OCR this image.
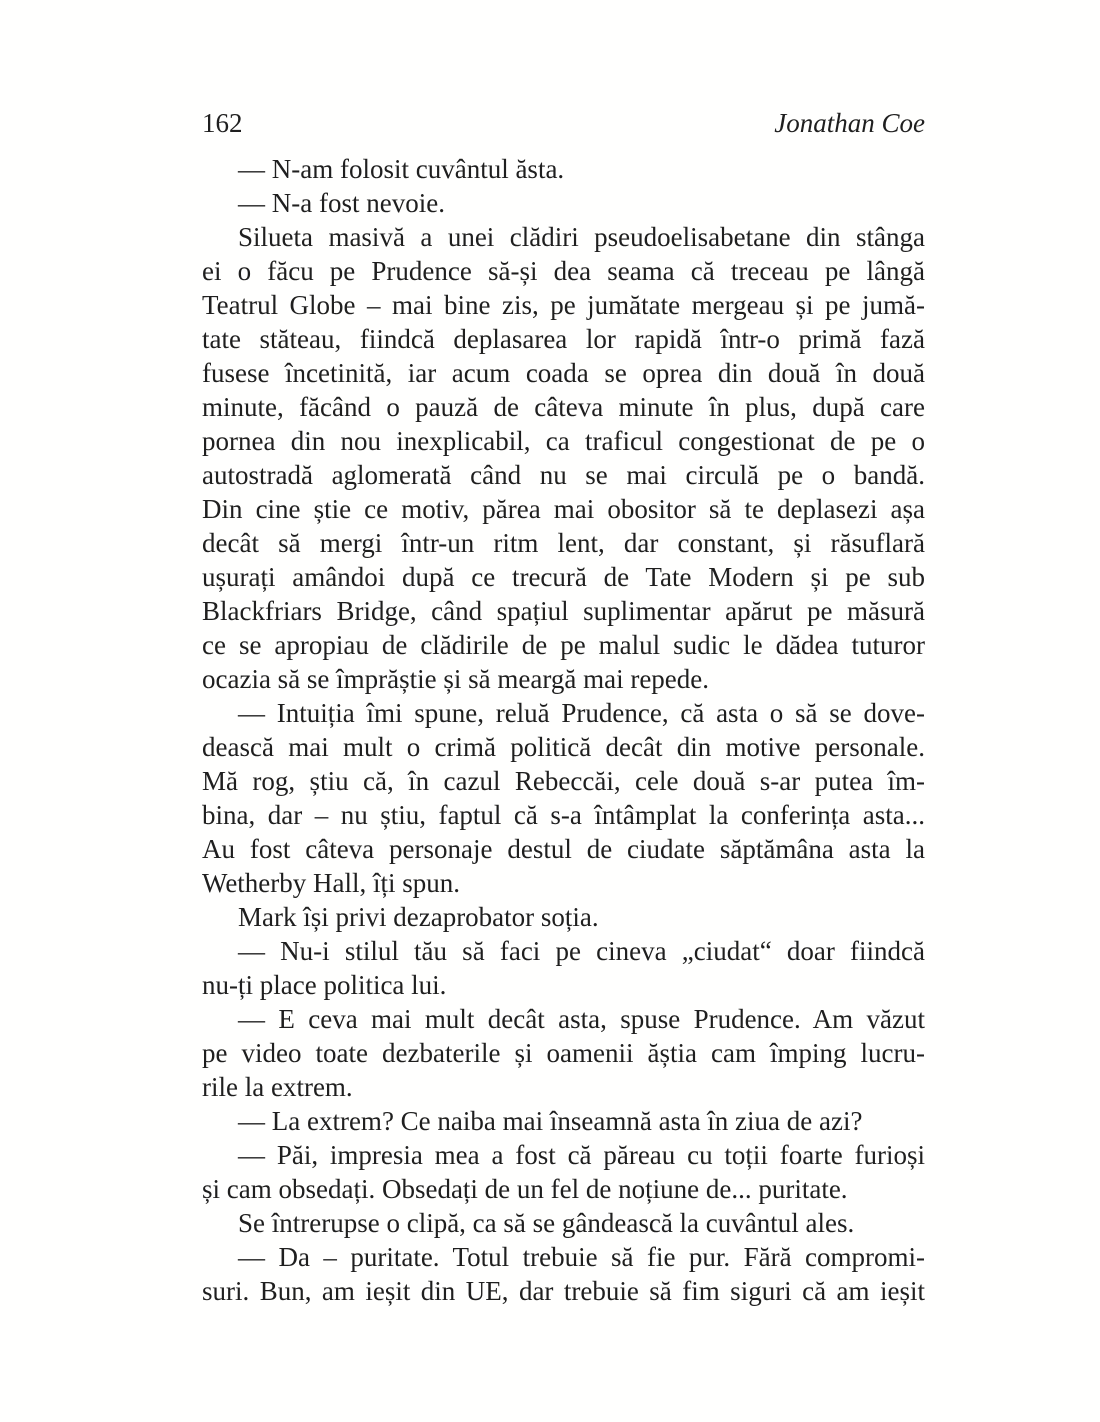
162	Jonathan Coe
— N-am folosit cuvântul ăsta.
— N-a fost nevoie.
Silueta masivă a unei clădiri pseudoelisabetane din stânga
ei o făcu pe Prudence să-și dea seama că treceau pe lângă
Teatrul Globe – mai bine zis, pe jumătate mergeau și pe jumă-
tate stăteau, fiindcă deplasarea lor rapidă într-o primă fază
fusese încetinită, iar acum coada se oprea din două în două
minute, făcând o pauză de câteva minute în plus, după care
pornea din nou inexplicabil, ca traficul congestionat de pe o
autostradă aglomerată când nu se mai circulă pe o bandă.
Din cine știe ce motiv, părea mai obositor să te deplasezi așa
decât să mergi într-un ritm lent, dar constant, și răsuflară
ușurați amândoi după ce trecură de Tate Modern și pe sub
Blackfriars Bridge, când spațiul suplimentar apărut pe măsură
ce se apropiau de clădirile de pe malul sudic le dădea tuturor
ocazia să se împrăștie și să meargă mai repede.
— Intuiția îmi spune, reluă Prudence, că asta o să se dove-
dească mai mult o crimă politică decât din motive personale.
Mă rog, știu că, în cazul Rebeccăi, cele două s-ar putea îm-
bina, dar – nu știu, faptul că s-a întâmplat la conferința asta...
Au fost câteva personaje destul de ciudate săptămâna asta la
Wetherby Hall, îți spun.
Mark își privi dezaprobator soția.
— Nu-i stilul tău să faci pe cineva „ciudat“ doar fiindcă
nu-ți place politica lui.
— E ceva mai mult decât asta, spuse Prudence. Am văzut
pe video toate dezbaterile și oamenii ăștia cam împing lucru-
rile la extrem.
— La extrem? Ce naiba mai înseamnă asta în ziua de azi?
— Păi, impresia mea a fost că păreau cu toții foarte furioși
și cam obsedați. Obsedați de un fel de noțiune de... puritate.
Se întrerupse o clipă, ca să se gândească la cuvântul ales.
— Da – puritate. Totul trebuie să fie pur. Fără compromi-
suri. Bun, am ieșit din UE, dar trebuie să fim siguri că am ieșit
